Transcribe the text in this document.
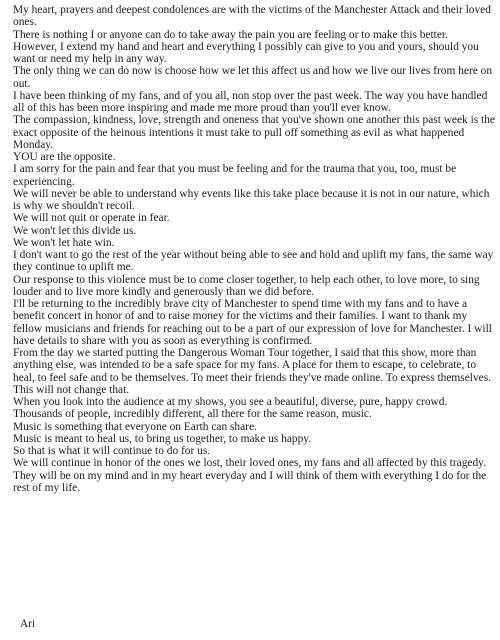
My heart, prayers and deepest condolences are with the victims of the Manchester Attack and their loved ones.

There is nothing I or anyone can do to take away the pain you are feeling or to make this better.

However, I extend my hand and heart and everything I possibly can give to you and yours, should you want or need my help in any way.

The only thing we can do now is choose how we let this affect us and how we live our lives from here on out.

I have been thinking of my fans, and of you all, non stop over the past week. The way you have handled all of this has been more inspiring and made me more proud than you'll ever know.

The compassion, kindness, love, strength and oneness that you've shown one another this past week is the exact opposite of the heinous intentions it must take to pull off something as evil as what happened Monday.

YOU are the opposite.

I am sorry for the pain and fear that you must be feeling and for the trauma that you, too, must be experiencing.

We will never be able to understand why events like this take place because it is not in our nature, which is why we shouldn't recoil.

We will not quit or operate in fear.

We won't let this divide us.

We won't let hate win.

I don't want to go the rest of the year without being able to see and hold and uplift my fans, the same way they continue to uplift me.

Our response to this violence must be to come closer together, to help each other, to love more, to sing louder and to live more kindly and generously than we did before.

I'll be returning to the incredibly brave city of Manchester to spend time with my fans and to have a benefit concert in honor of and to raise money for the victims and their families. I want to thank my fellow musicians and friends for reaching out to be a part of our expression of love for Manchester. I will have details to share with you as soon as everything is confirmed.

From the day we started putting the Dangerous Woman Tour together, I said that this show, more than anything else, was intended to be a safe space for my fans. A place for them to escape, to celebrate, to heal, to feel safe and to be themselves. To meet their friends they've made online. To express themselves.

This will not change that.

When you look into the audience at my shows, you see a beautiful, diverse, pure, happy crowd.

Thousands of people, incredibly different, all there for the same reason, music.

Music is something that everyone on Earth can share.

Music is meant to heal us, to bring us together, to make us happy.

So that is what it will continue to do for us.

We will continue in honor of the ones we lost, their loved ones, my fans and all affected by this tragedy.

They will be on my mind and in my heart everyday and I will think of them with everything I do for the rest of my life.

Ari
